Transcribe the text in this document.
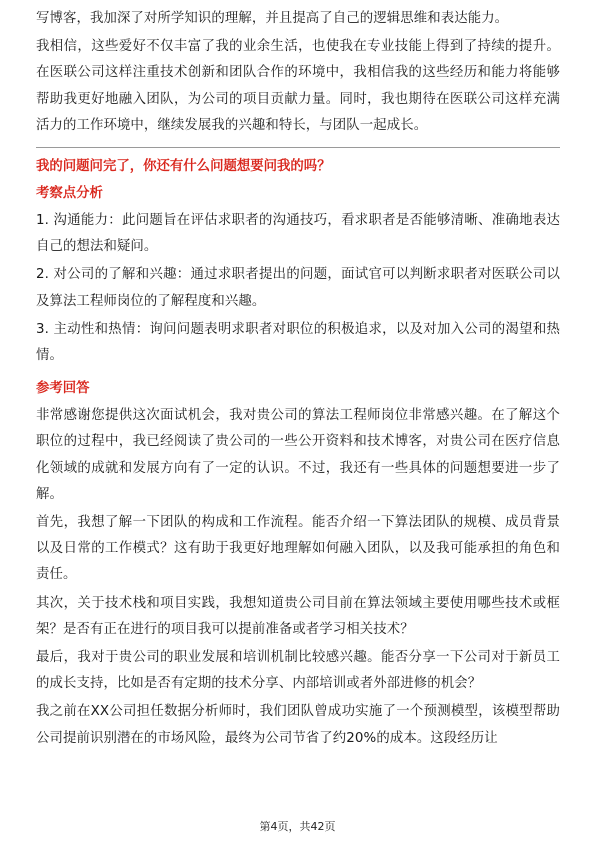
写博客，我加深了对所学知识的理解，并且提高了自己的逻辑思维和表达能力。

我相信，这些爱好不仅丰富了我的业余生活，也使我在专业技能上得到了持续的提升。在医联公司这样注重技术创新和团队合作的环境中，我相信我的这些经历和能力将能够帮助我更好地融入团队，为公司的项目贡献力量。同时，我也期待在医联公司这样充满活力的工作环境中，继续发展我的兴趣和特长，与团队一起成长。

我的问题问完了，你还有什么问题想要问我的吗？
考察点分析

1. 沟通能力：此问题旨在评估求职者的沟通技巧，看求职者是否能够清晰、准确地表达自己的想法和疑问。

2. 对公司的了解和兴趣：通过求职者提出的问题，面试官可以判断求职者对医联公司以及算法工程师岗位的了解程度和兴趣。

3. 主动性和热情：询问问题表明求职者对职位的积极追求，以及对加入公司的渴望和热情。

参考回答

非常感谢您提供这次面试机会，我对贵公司的算法工程师岗位非常感兴趣。在了解这个职位的过程中，我已经阅读了贵公司的一些公开资料和技术博客，对贵公司在医疗信息化领域的成就和发展方向有了一定的认识。不过，我还有一些具体的问题想要进一步了解。

首先，我想了解一下团队的构成和工作流程。能否介绍一下算法团队的规模、成员背景以及日常的工作模式？这有助于我更好地理解如何融入团队，以及我可能承担的角色和责任。

其次，关于技术栈和项目实践，我想知道贵公司目前在算法领域主要使用哪些技术或框架？是否有正在进行的项目我可以提前准备或者学习相关技术？

最后，我对于贵公司的职业发展和培训机制比较感兴趣。能否分享一下公司对于新员工的成长支持，比如是否有定期的技术分享、内部培训或者外部进修的机会？

我之前在XX公司担任数据分析师时，我们团队曾成功实施了一个预测模型，该模型帮助公司提前识别潜在的市场风险，最终为公司节省了约20%的成本。这段经历让

第4页，共42页
